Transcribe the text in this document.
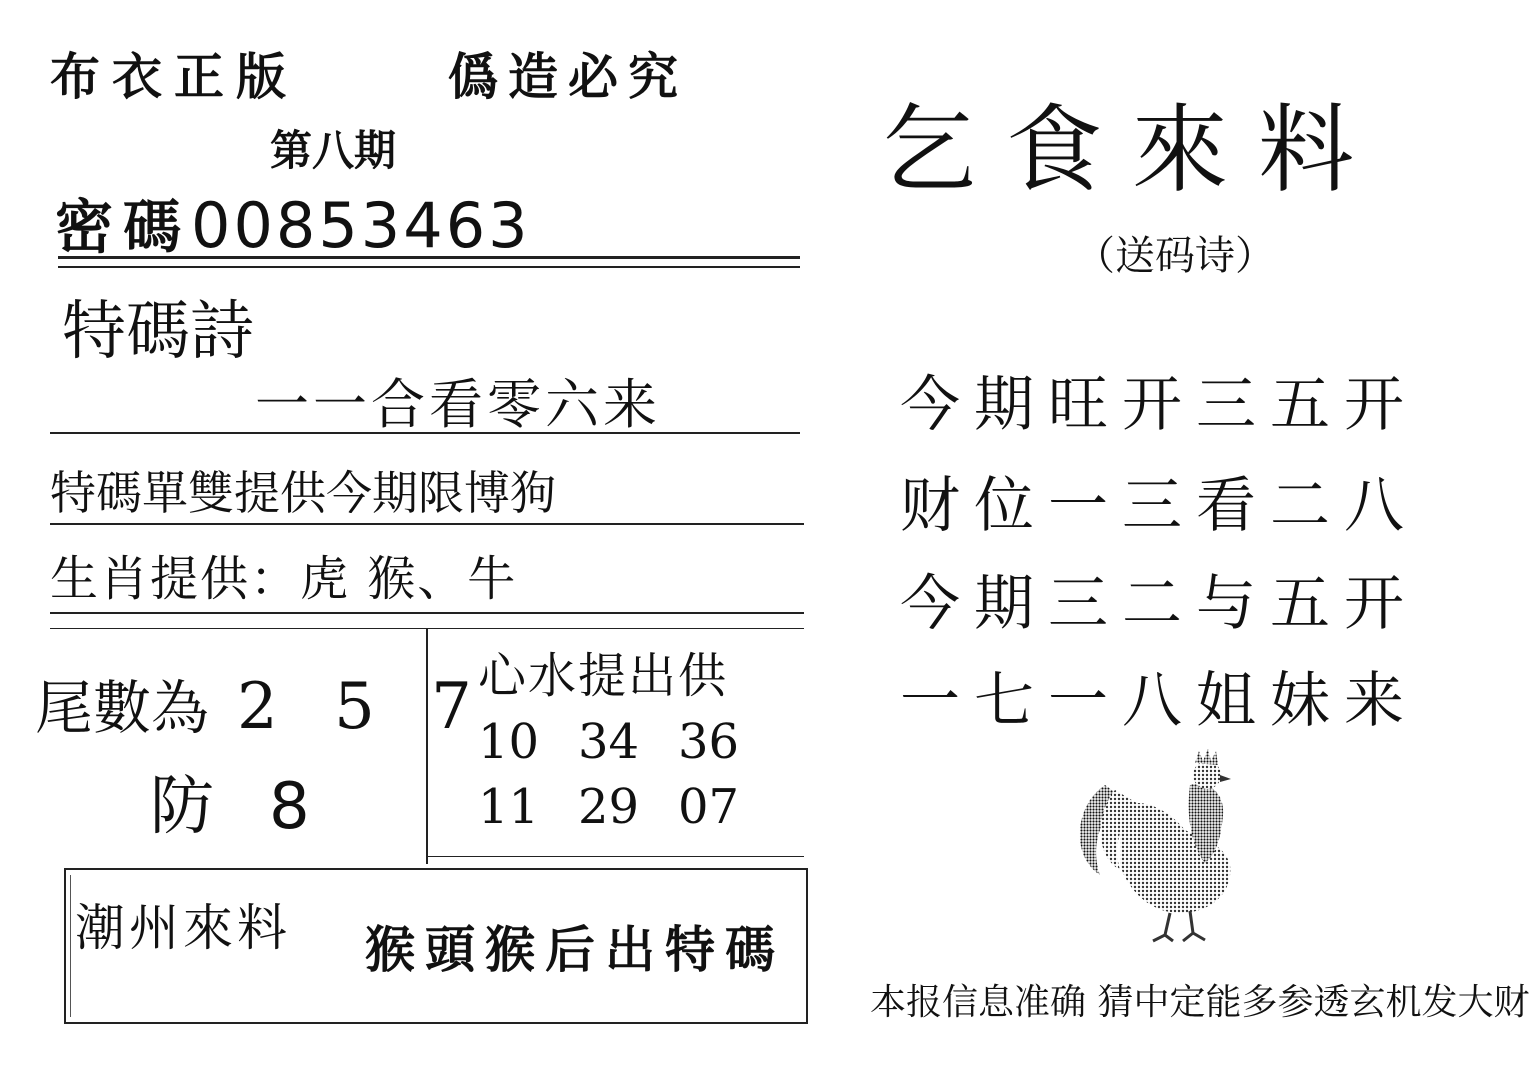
布衣正版	僞造必究
第八期
密碼00853463
特碼詩
一一合看零六来
特碼單雙提供今期限博狗
生肖提供：虎 猴、牛
尾數為 2 5 7
防 8
心水提出供
10 34 36
11 29 07
潮州來料 猴頭猴后出特碼
乞食來料
（送码诗）
今期旺开三五开
财位一三看二八
今期三二与五开
一七一八姐妹来
本报信息准确 猜中定能多参透玄机发大财
